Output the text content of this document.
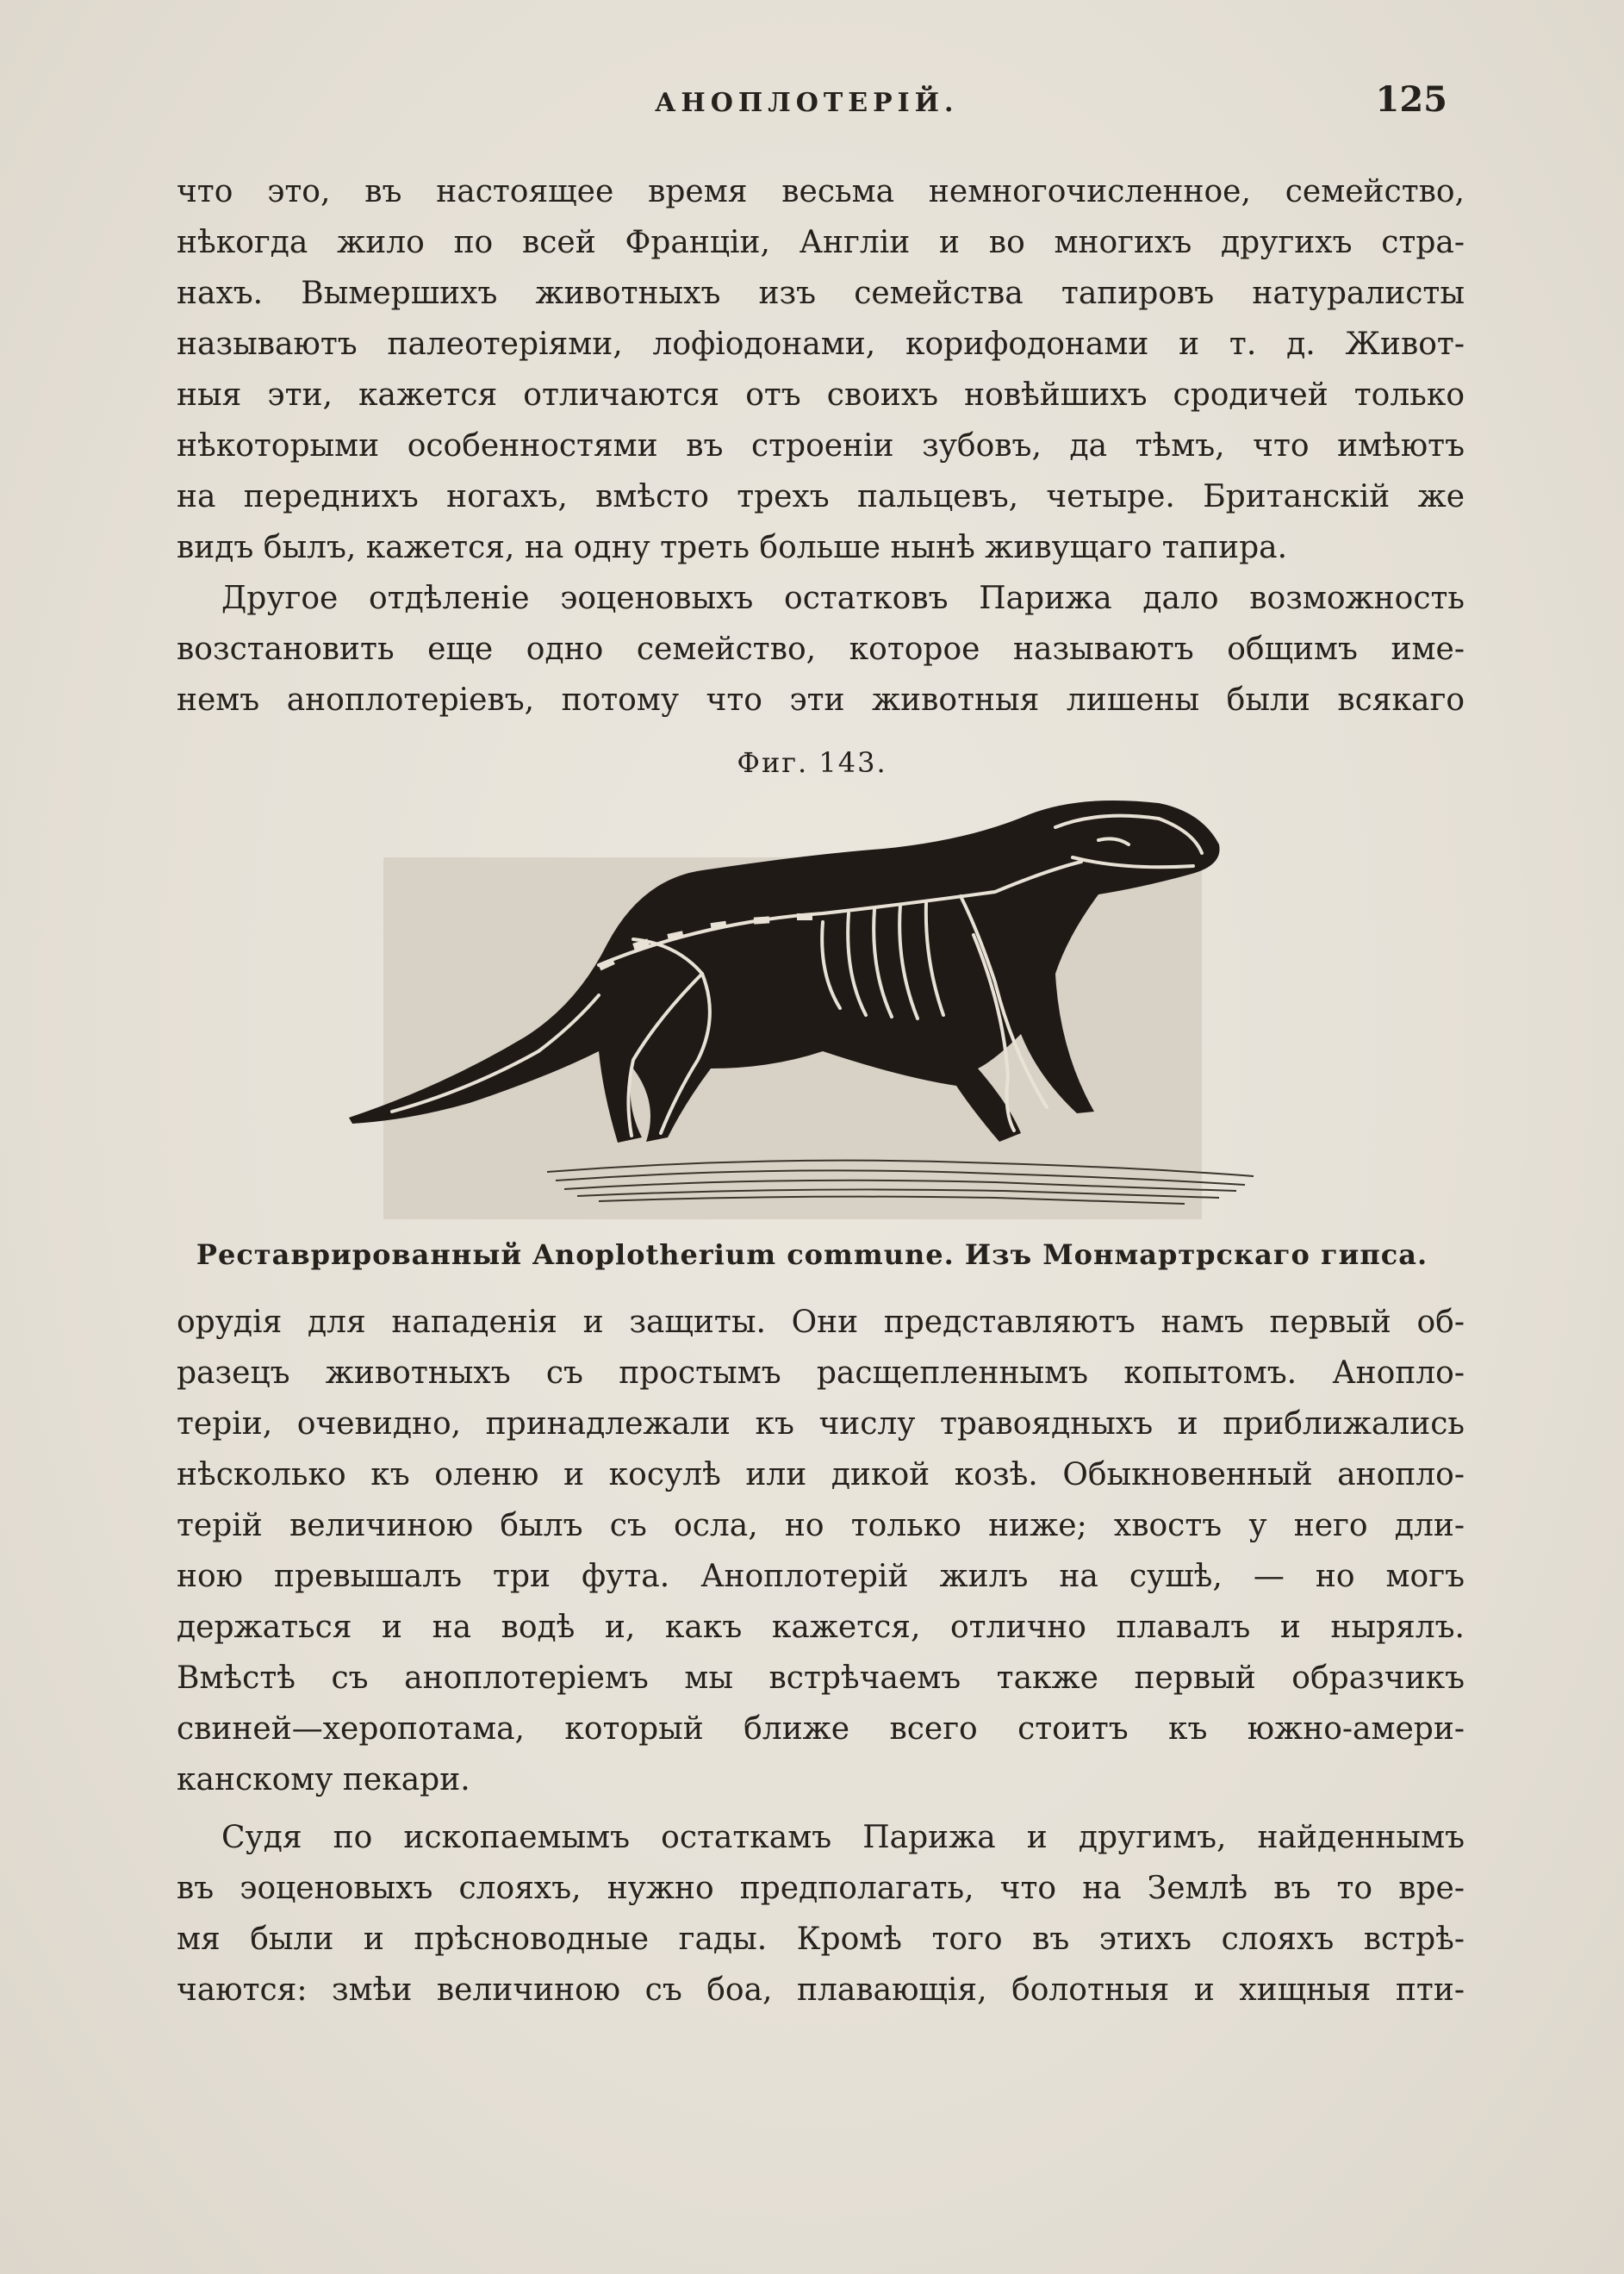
АНОПЛОТЕРІЙ.	125
что это, въ настоящее время весьма немногочисленное, семейство,
нѣкогда жило по всей Франціи, Англіи и во многихъ другихъ стра-
нахъ. Вымершихъ животныхъ изъ семейства тапировъ натуралисты
называютъ палеотеріями, лофіодонами, корифодонами и т. д. Живот-
ныя эти, кажется отличаются отъ своихъ новѣйшихъ сродичей только
нѣкоторыми особенностями въ строеніи зубовъ, да тѣмъ, что имѣютъ
на переднихъ ногахъ, вмѣсто трехъ пальцевъ, четыре. Британскій же
видъ былъ, кажется, на одну треть больше нынѣ живущаго тапира.
Другое отдѣленіе эоценовыхъ остатковъ Парижа дало возможность
возстановить еще одно семейство, которое называютъ общимъ име-
немъ аноплотеріевъ, потому что эти животныя лишены были всякаго
Фиг. 143.
Реставрированный Anoplotherium commune. Изъ Монмартрскаго гипса.
орудія для нападенія и защиты. Они представляютъ намъ первый об-
разецъ животныхъ съ простымъ расщепленнымъ копытомъ. Анопло-
теріи, очевидно, принадлежали къ числу травоядныхъ и приближались
нѣсколько къ оленю и косулѣ или дикой козѣ. Обыкновенный анопло-
терій величиною былъ съ осла, но только ниже; хвостъ у него дли-
ною превышалъ три фута. Аноплотерій жилъ на сушѣ, — но могъ
держаться и на водѣ и, какъ кажется, отлично плавалъ и нырялъ.
Вмѣстѣ съ аноплотеріемъ мы встрѣчаемъ также первый образчикъ
свиней—херопотама, который ближе всего стоитъ къ южно-амери-
канскому пекари.
Судя по ископаемымъ остаткамъ Парижа и другимъ, найденнымъ
въ эоценовыхъ слояхъ, нужно предполагать, что на Землѣ въ то вре-
мя были и прѣсноводные гады. Кромѣ того въ этихъ слояхъ встрѣ-
чаются: змѣи величиною съ боа, плавающія, болотныя и хищныя пти-
